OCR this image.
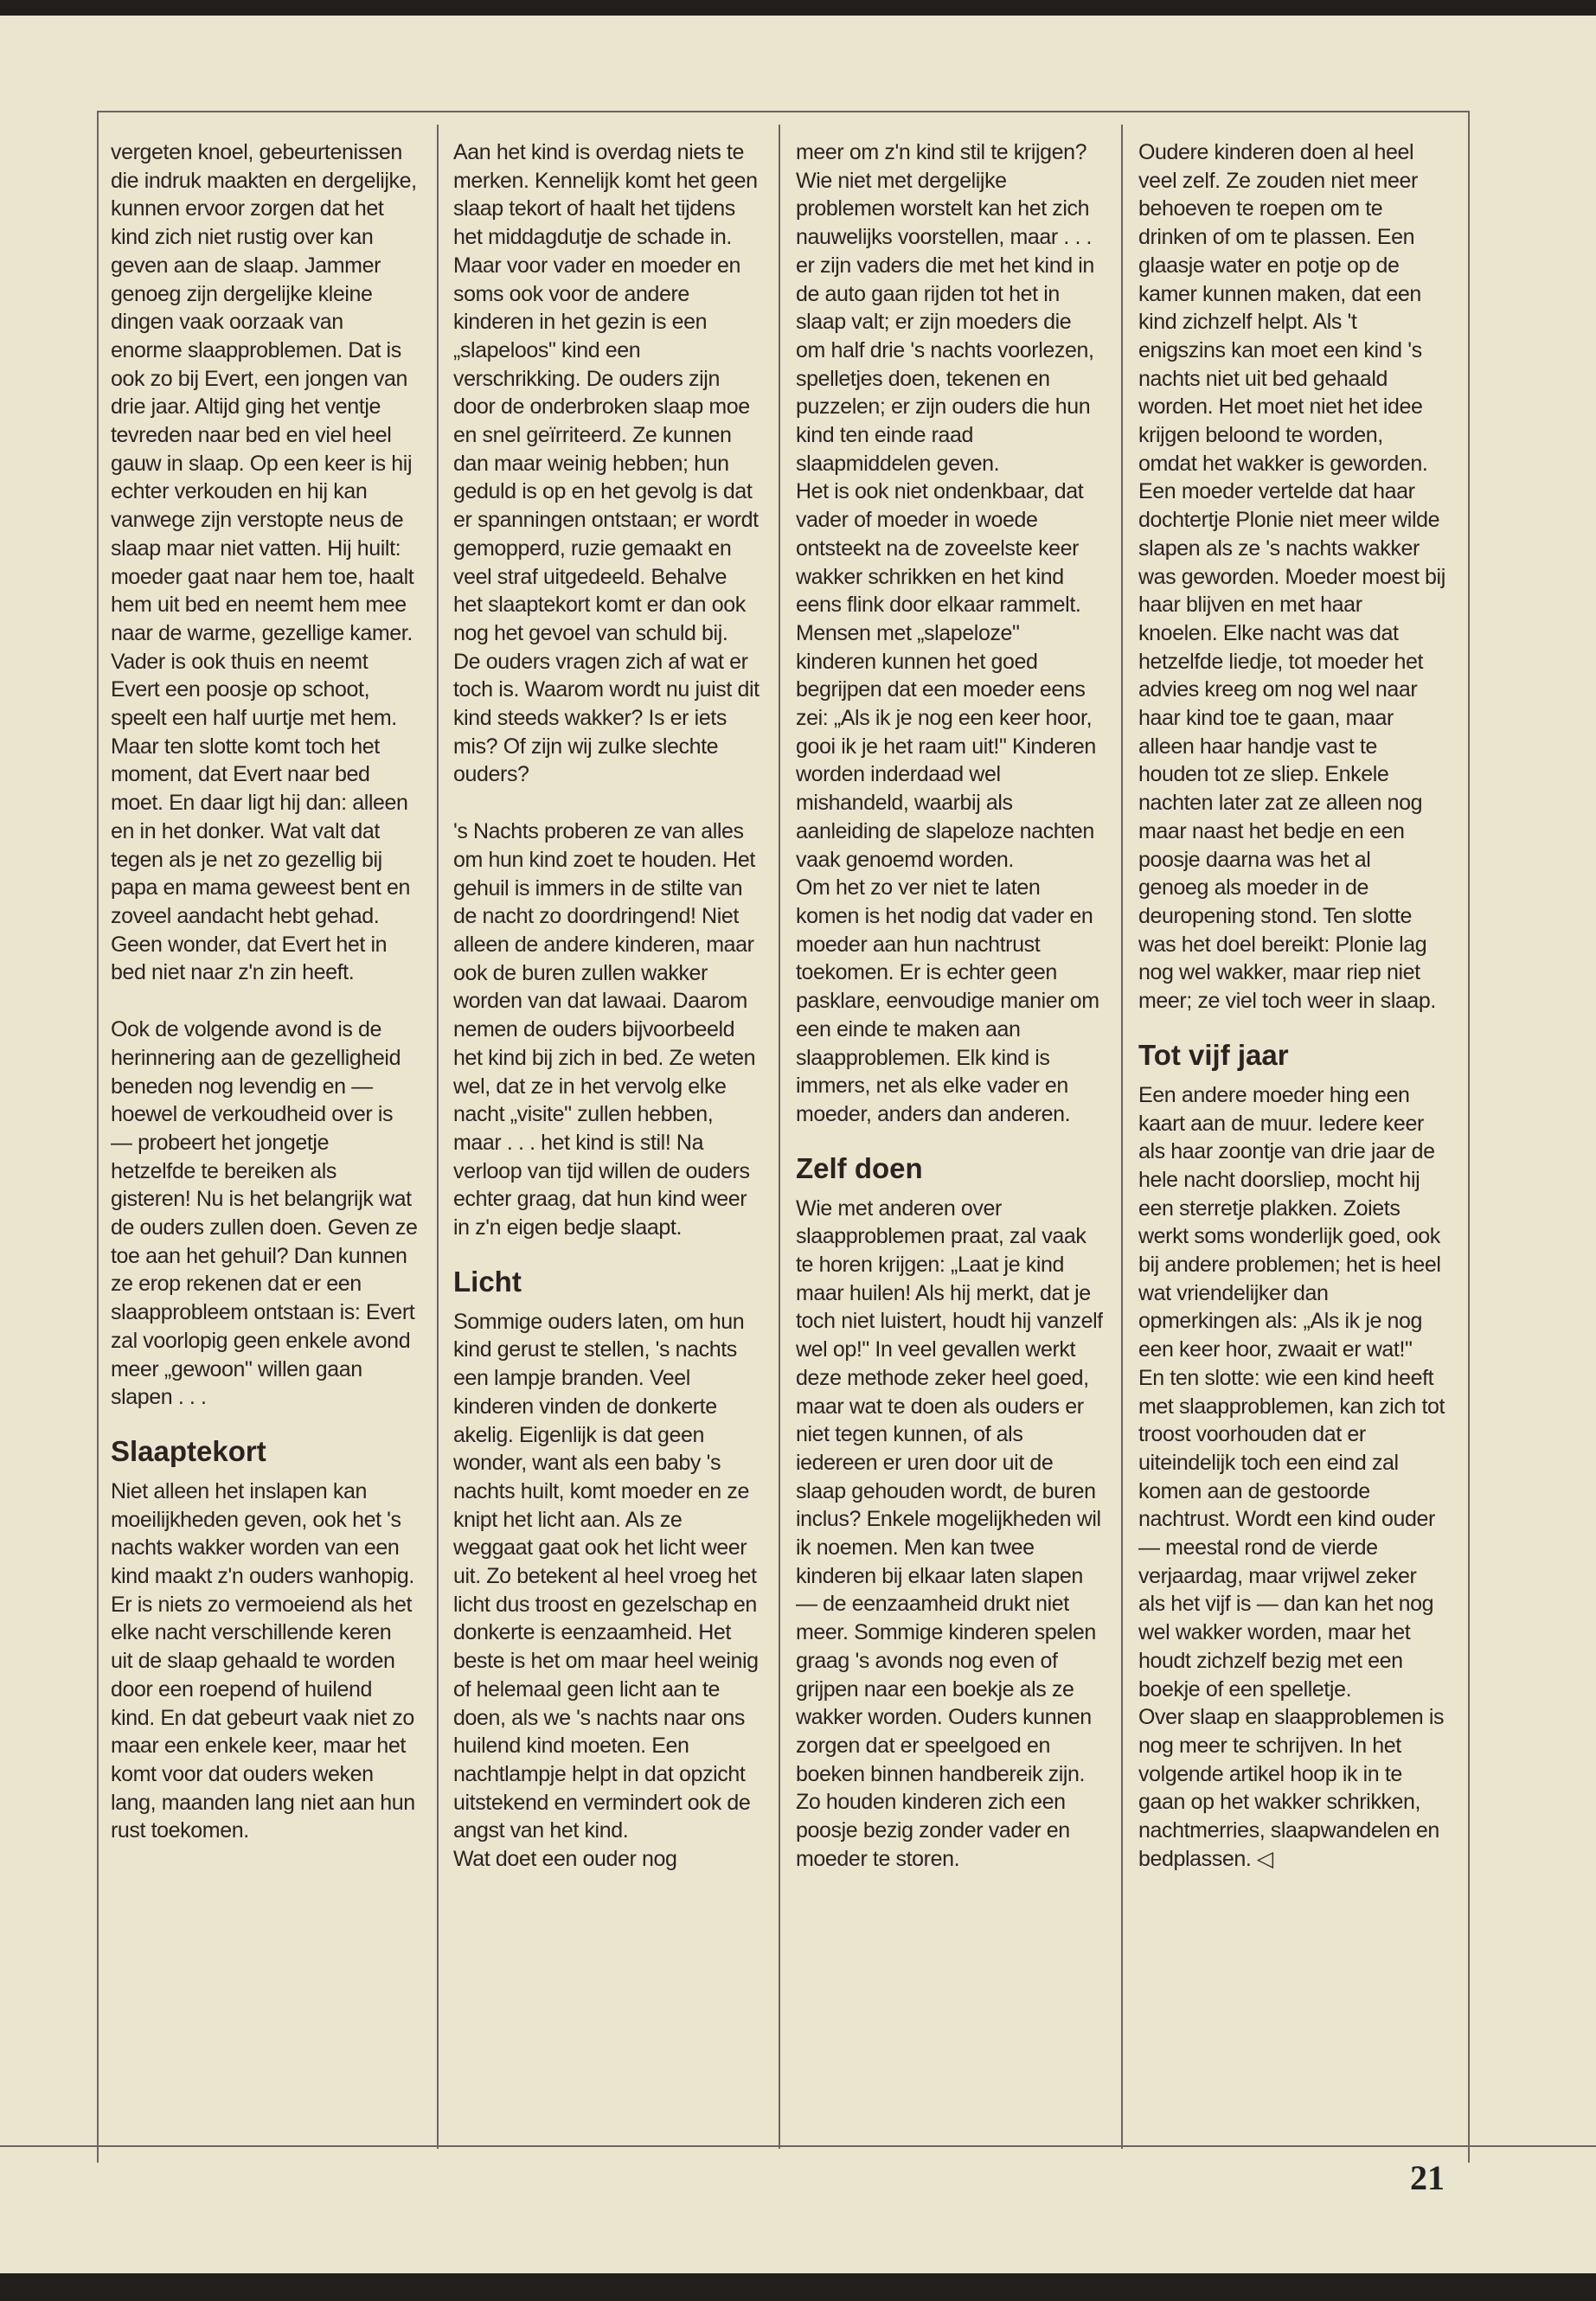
vergeten knoel, gebeurtenissen die indruk maakten en dergelijke, kunnen ervoor zorgen dat het kind zich niet rustig over kan geven aan de slaap. Jammer genoeg zijn dergelijke kleine dingen vaak oorzaak van enorme slaapproblemen. Dat is ook zo bij Evert, een jongen van drie jaar. Altijd ging het ventje tevreden naar bed en viel heel gauw in slaap. Op een keer is hij echter verkouden en hij kan vanwege zijn verstopte neus de slaap maar niet vatten. Hij huilt: moeder gaat naar hem toe, haalt hem uit bed en neemt hem mee naar de warme, gezellige kamer. Vader is ook thuis en neemt Evert een poosje op schoot, speelt een half uurtje met hem.

Maar ten slotte komt toch het moment, dat Evert naar bed moet. En daar ligt hij dan: alleen en in het donker. Wat valt dat tegen als je net zo gezellig bij papa en mama geweest bent en zoveel aandacht hebt gehad. Geen wonder, dat Evert het in bed niet naar z'n zin heeft.

Ook de volgende avond is de herinnering aan de gezelligheid beneden nog levendig en — hoewel de verkoudheid over is — probeert het jongetje hetzelfde te bereiken als gisteren! Nu is het belangrijk wat de ouders zullen doen. Geven ze toe aan het gehuil? Dan kunnen ze erop rekenen dat er een slaapprobleem ontstaan is: Evert zal voorlopig geen enkele avond meer „gewoon" willen gaan slapen . . .

Slaaptekort

Niet alleen het inslapen kan moeilijkheden geven, ook het 's nachts wakker worden van een kind maakt z'n ouders wanhopig. Er is niets zo vermoeiend als het elke nacht verschillende keren uit de slaap gehaald te worden door een roepend of huilend kind. En dat gebeurt vaak niet zo maar een enkele keer, maar het komt voor dat ouders weken lang, maanden lang niet aan hun rust toekomen.

Aan het kind is overdag niets te merken. Kennelijk komt het geen slaap tekort of haalt het tijdens het middagdutje de schade in. Maar voor vader en moeder en soms ook voor de andere kinderen in het gezin is een „slapeloos" kind een verschrikking. De ouders zijn door de onderbroken slaap moe en snel geïrriteerd. Ze kunnen dan maar weinig hebben; hun geduld is op en het gevolg is dat er spanningen ontstaan; er wordt gemopperd, ruzie gemaakt en veel straf uitgedeeld. Behalve het slaaptekort komt er dan ook nog het gevoel van schuld bij. De ouders vragen zich af wat er toch is. Waarom wordt nu juist dit kind steeds wakker? Is er iets mis? Of zijn wij zulke slechte ouders?

's Nachts proberen ze van alles om hun kind zoet te houden. Het gehuil is immers in de stilte van de nacht zo doordringend! Niet alleen de andere kinderen, maar ook de buren zullen wakker worden van dat lawaai. Daarom nemen de ouders bijvoorbeeld het kind bij zich in bed. Ze weten wel, dat ze in het vervolg elke nacht „visite" zullen hebben, maar . . . het kind is stil! Na verloop van tijd willen de ouders echter graag, dat hun kind weer in z'n eigen bedje slaapt.

Licht

Sommige ouders laten, om hun kind gerust te stellen, 's nachts een lampje branden. Veel kinderen vinden de donkerte akelig. Eigenlijk is dat geen wonder, want als een baby 's nachts huilt, komt moeder en ze knipt het licht aan. Als ze weggaat gaat ook het licht weer uit. Zo betekent al heel vroeg het licht dus troost en gezelschap en donkerte is eenzaamheid. Het beste is het om maar heel weinig of helemaal geen licht aan te doen, als we 's nachts naar ons huilend kind moeten. Een nachtlampje helpt in dat opzicht uitstekend en vermindert ook de angst van het kind.

Wat doet een ouder nog

meer om z'n kind stil te krijgen? Wie niet met dergelijke problemen worstelt kan het zich nauwelijks voorstellen, maar . . . er zijn vaders die met het kind in de auto gaan rijden tot het in slaap valt; er zijn moeders die om half drie 's nachts voorlezen, spelletjes doen, tekenen en puzzelen; er zijn ouders die hun kind ten einde raad slaapmiddelen geven.

Het is ook niet ondenkbaar, dat vader of moeder in woede ontsteekt na de zoveelste keer wakker schrikken en het kind eens flink door elkaar rammelt. Mensen met „slapeloze" kinderen kunnen het goed begrijpen dat een moeder eens zei: „Als ik je nog een keer hoor, gooi ik je het raam uit!" Kinderen worden inderdaad wel mishandeld, waarbij als aanleiding de slapeloze nachten vaak genoemd worden.

Om het zo ver niet te laten komen is het nodig dat vader en moeder aan hun nachtrust toekomen. Er is echter geen pasklare, eenvoudige manier om een einde te maken aan slaapproblemen. Elk kind is immers, net als elke vader en moeder, anders dan anderen.

Zelf doen

Wie met anderen over slaapproblemen praat, zal vaak te horen krijgen: „Laat je kind maar huilen! Als hij merkt, dat je toch niet luistert, houdt hij vanzelf wel op!" In veel gevallen werkt deze methode zeker heel goed, maar wat te doen als ouders er niet tegen kunnen, of als iedereen er uren door uit de slaap gehouden wordt, de buren inclus? Enkele mogelijkheden wil ik noemen. Men kan twee kinderen bij elkaar laten slapen — de eenzaamheid drukt niet meer. Sommige kinderen spelen graag 's avonds nog even of grijpen naar een boekje als ze wakker worden. Ouders kunnen zorgen dat er speelgoed en boeken binnen handbereik zijn. Zo houden kinderen zich een poosje bezig zonder vader en moeder te storen.

Oudere kinderen doen al heel veel zelf. Ze zouden niet meer behoeven te roepen om te drinken of om te plassen. Een glaasje water en potje op de kamer kunnen maken, dat een kind zichzelf helpt. Als 't enigszins kan moet een kind 's nachts niet uit bed gehaald worden. Het moet niet het idee krijgen beloond te worden, omdat het wakker is geworden. Een moeder vertelde dat haar dochtertje Plonie niet meer wilde slapen als ze 's nachts wakker was geworden. Moeder moest bij haar blijven en met haar knoelen. Elke nacht was dat hetzelfde liedje, tot moeder het advies kreeg om nog wel naar haar kind toe te gaan, maar alleen haar handje vast te houden tot ze sliep. Enkele nachten later zat ze alleen nog maar naast het bedje en een poosje daarna was het al genoeg als moeder in de deuropening stond. Ten slotte was het doel bereikt: Plonie lag nog wel wakker, maar riep niet meer; ze viel toch weer in slaap.

Tot vijf jaar

Een andere moeder hing een kaart aan de muur. Iedere keer als haar zoontje van drie jaar de hele nacht doorsliep, mocht hij een sterretje plakken. Zoiets werkt soms wonderlijk goed, ook bij andere problemen; het is heel wat vriendelijker dan opmerkingen als: „Als ik je nog een keer hoor, zwaait er wat!"

En ten slotte: wie een kind heeft met slaapproblemen, kan zich tot troost voorhouden dat er uiteindelijk toch een eind zal komen aan de gestoorde nachtrust. Wordt een kind ouder — meestal rond de vierde verjaardag, maar vrijwel zeker als het vijf is — dan kan het nog wel wakker worden, maar het houdt zichzelf bezig met een boekje of een spelletje.

Over slaap en slaapproblemen is nog meer te schrijven. In het volgende artikel hoop ik in te gaan op het wakker schrikken, nachtmerries, slaapwandelen en bedplassen. ◁

21
